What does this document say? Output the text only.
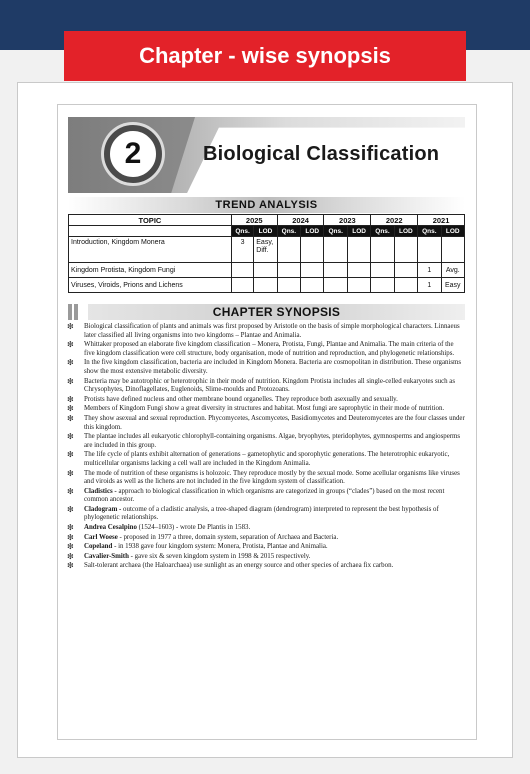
Chapter - wise synopsis
2	Biological Classification
TREND ANALYSIS
TOPIC	2025		2024		2023		2022		2021	
	Qns.	LOD	Qns.	LOD	Qns.	LOD	Qns.	LOD	Qns.	LOD
Introduction, Kingdom Monera	3	Easy, Diff.								
Kingdom Protista, Kingdom Fungi									1	Avg.
Viruses, Viroids, Prions and Lichens									1	Easy
CHAPTER SYNOPSIS
❇ Biological classification of plants and animals was first proposed by Aristotle on the basis of simple morphological characters. Linnaeus later classified all living organisms into two kingdoms – Plantae and Animalia.
❇ Whittaker proposed an elaborate five kingdom classification – Monera, Protista, Fungi, Plantae and Animalia. The main criteria of the five kingdom classification were cell structure, body organisation, mode of nutrition and reproduction, and phylogenetic relationships.
❇ In the five kingdom classification, bacteria are included in Kingdom Monera. Bacteria are cosmopolitan in distribution. These organisms show the most extensive metabolic diversity.
❇ Bacteria may be autotrophic or heterotrophic in their mode of nutrition. Kingdom Protista includes all single-celled eukaryotes such as Chrysophytes, Dinoflagellates, Euglenoids, Slime-moulds and Protozoans.
❇ Protists have defined nucleus and other membrane bound organelles. They reproduce both asexually and sexually.
❇ Members of Kingdom Fungi show a great diversity in structures and habitat. Most fungi are saprophytic in their mode of nutrition.
❇ They show asexual and sexual reproduction. Phycomycetes, Ascomycetes, Basidiomycetes and Deuteromycetes are the four classes under this kingdom.
❇ The plantae includes all eukaryotic chlorophyll-containing organisms. Algae, bryophytes, pteridophytes, gymnosperms and angiosperms are included in this group.
❇ The life cycle of plants exhibit alternation of generations – gametophytic and sporophytic generations. The heterotrophic eukaryotic, multicellular organisms lacking a cell wall are included in the Kingdom Animalia.
❇ The mode of nutrition of these organisms is holozoic. They reproduce mostly by the sexual mode. Some acellular organisms like viruses and viroids as well as the lichens are not included in the five kingdom system of classification.
❇ Cladistics - approach to biological classification in which organisms are categorized in groups (“clades”) based on the most recent common ancestor.
❇ Cladogram - outcome of a cladistic analysis, a tree-shaped diagram (dendrogram) interpreted to represent the best hypothesis of phylogenetic relationships.
❇ Andrea Cesalpino (1524–1603) - wrote De Plantis in 1583.
❇ Carl Woese - proposed in 1977 a three, domain system, separation of Archaea and Bacteria.
❇ Copeland - in 1938 gave four kingdom system: Monera, Protista, Plantae and Animalia.
❇ Cavalier-Smith - gave six & seven kingdom system in 1998 & 2015 respectively.
❇ Salt-tolerant archaea (the Haloarchaea) use sunlight as an energy source and other species of archaea fix carbon.
